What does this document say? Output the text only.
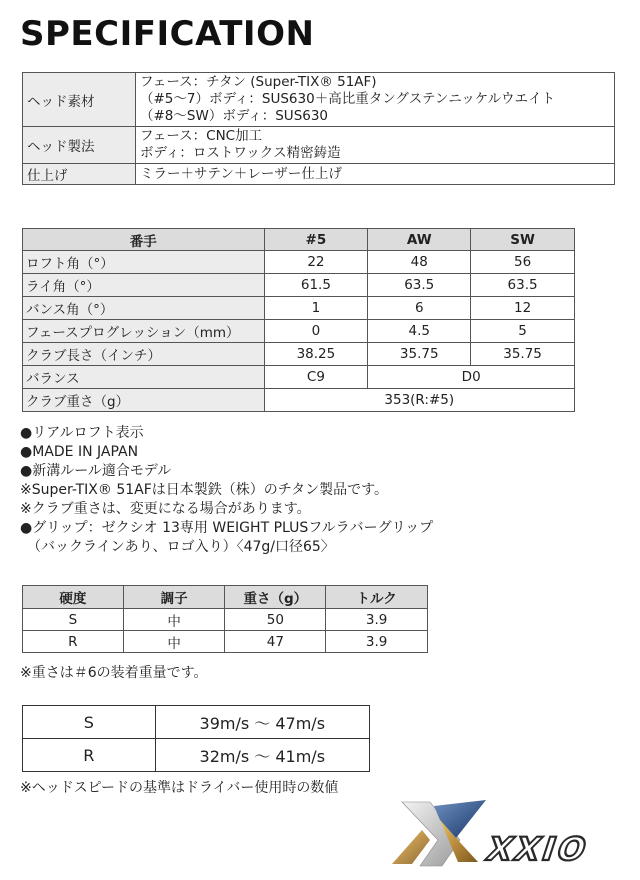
SPECIFICATION
ヘッド素材	フェース：チタン (Super-TIX® 51AF)
（#5～7）ボディ：SUS630＋高比重タングステンニッケルウエイト
（#8～SW）ボディ：SUS630

ヘッド製法	フェース：CNC加工
ボディ：ロストワックス精密鋳造

仕上げ	ミラー＋サテン＋レーザー仕上げ
番手	#5	AW	SW
ロフト角（°）	22	48	56
ライ角（°）	61.5	63.5	63.5
バンス角（°）	1	6	12
フェースプログレッション（mm）	0	4.5	5
クラブ長さ（インチ）	38.25	35.75	35.75
バランス	C9	D0	
クラブ重さ（g）	353(R:#5)		
●リアルロフト表示
●MADE IN JAPAN
●新溝ルール適合モデル
※Super-TIX® 51AFは日本製鉄（株）のチタン製品です。
※クラブ重さは、変更になる場合があります。
●グリップ：ゼクシオ 13専用 WEIGHT PLUSフルラバーグリップ
　（バックラインあり、ロゴ入り）〈47g/口径65〉
硬度	調子	重さ（g）	トルク
S	中	50	3.9
R	中	47	3.9
※重さは＃6の装着重量です。
S	39m/s ～ 47m/s
R	32m/s ～ 41m/s
※ヘッドスピードの基準はドライバー使用時の数値
XXIO
